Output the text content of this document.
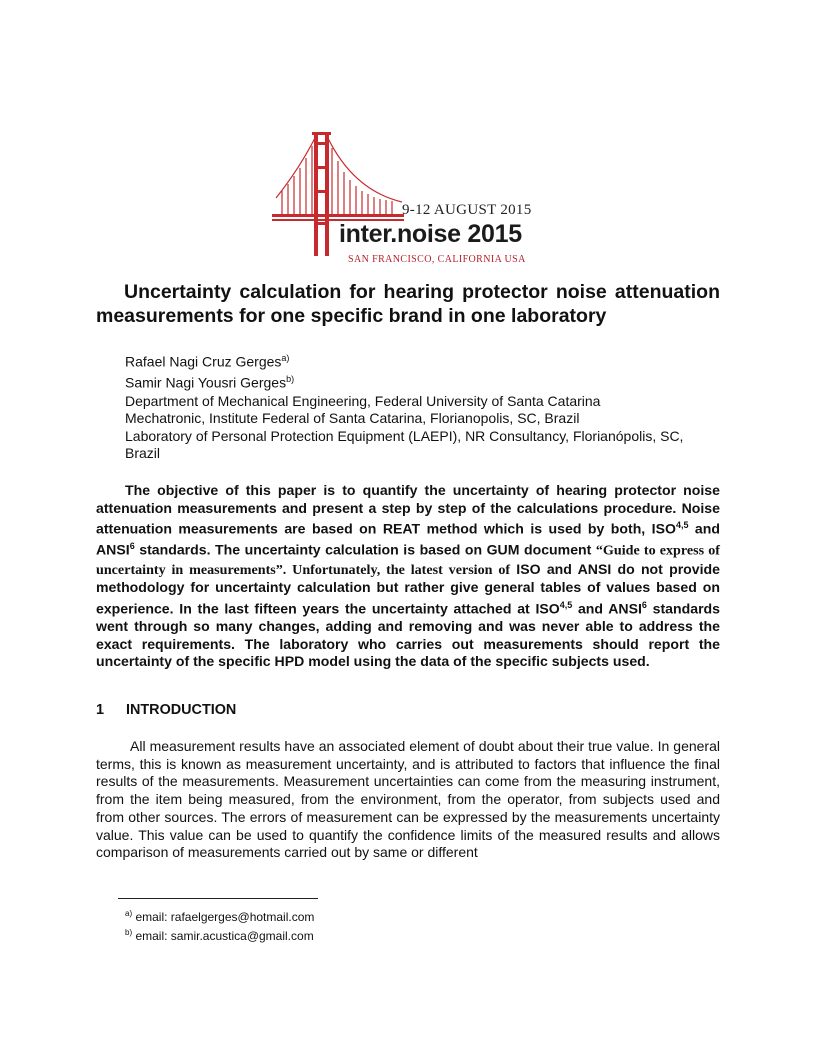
9-12 AUGUST 2015
inter.noise 2015
SAN FRANCISCO, CALIFORNIA USA
Uncertainty calculation for hearing protector noise attenuation measurements for one specific brand in one laboratory
Rafael Nagi Cruz Gerges$^{a)}$
Samir Nagi Yousri Gerges$^{b)}$
Department of Mechanical Engineering, Federal University of Santa Catarina
Mechatronic, Institute Federal of Santa Catarina, Florianopolis, SC, Brazil
Laboratory of Personal Protection Equipment (LAEPI), NR Consultancy, Florianópolis, SC, Brazil
The objective of this paper is to quantify the uncertainty of hearing protector noise attenuation measurements and present a step by step of the calculations procedure. Noise attenuation measurements are based on REAT method which is used by both, ISO$^{4,5}$ and ANSI$^6$ standards. The uncertainty calculation is based on GUM document “Guide to express of uncertainty in measurements”. Unfortunately, the latest version of ISO and ANSI do not provide methodology for uncertainty calculation but rather give general tables of values based on experience. In the last fifteen years the uncertainty attached at ISO$^{4,5}$ and ANSI$^6$ standards went through so many changes, adding and removing and was never able to address the exact requirements. The laboratory who carries out measurements should report the uncertainty of the specific HPD model using the data of the specific subjects used.
1 INTRODUCTION
All measurement results have an associated element of doubt about their true value. In general terms, this is known as measurement uncertainty, and is attributed to factors that influence the final results of the measurements. Measurement uncertainties can come from the measuring instrument, from the item being measured, from the environment, from the operator, from subjects used and from other sources. The errors of measurement can be expressed by the measurements uncertainty value. This value can be used to quantify the confidence limits of the measured results and allows comparison of measurements carried out by same or different
$^{a)}$ email: rafaelgerges@hotmail.com
$^{b)}$ email: samir.acustica@gmail.com
